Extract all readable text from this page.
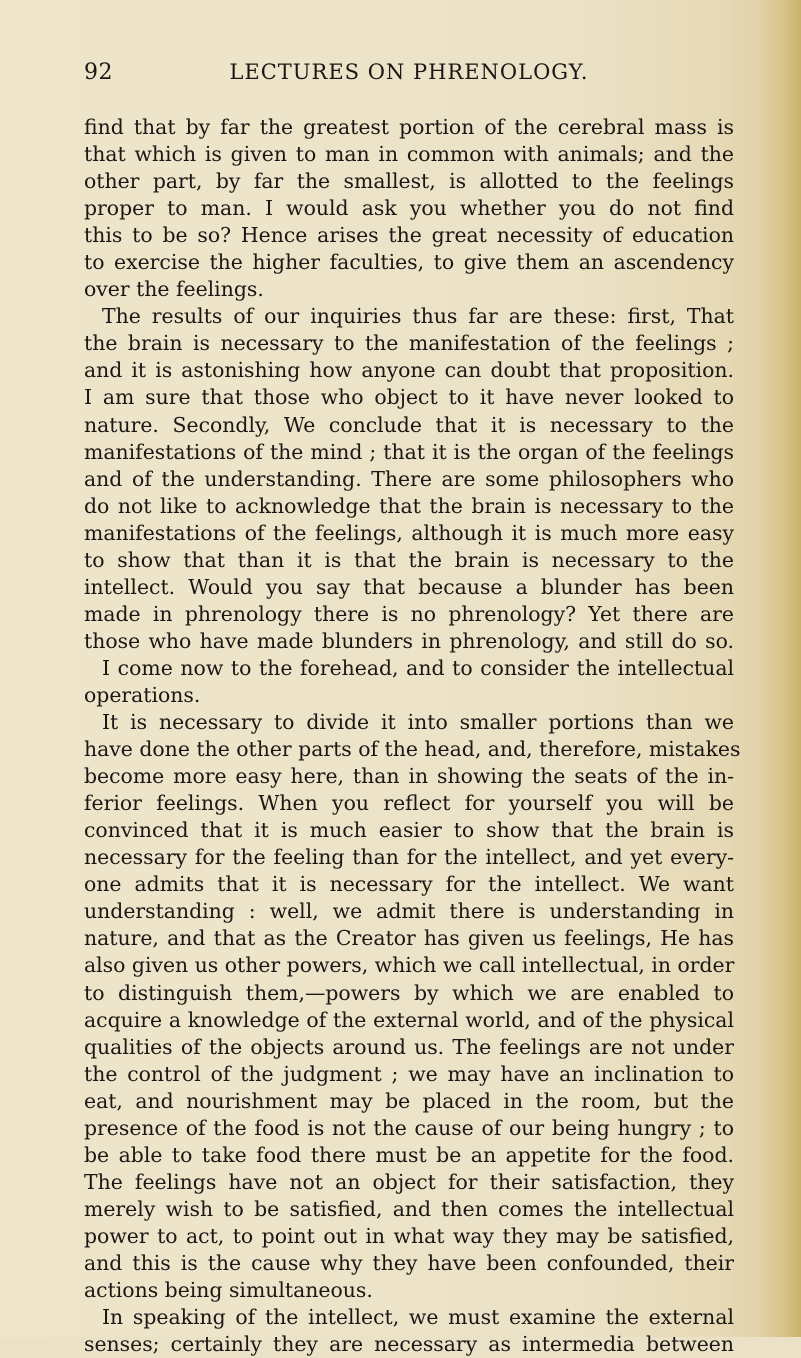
92	LECTURES ON PHRENOLOGY.
find that by far the greatest portion of the cerebral mass is
that which is given to man in common with animals; and the
other part, by far the smallest, is allotted to the feelings
proper to man. I would ask you whether you do not find
this to be so? Hence arises the great necessity of education
to exercise the higher faculties, to give them an ascendency
over the feelings.
The results of our inquiries thus far are these: first, That
the brain is necessary to the manifestation of the feelings ;
and it is astonishing how anyone can doubt that proposition.
I am sure that those who object to it have never looked to
nature. Secondly, We conclude that it is necessary to the
manifestations of the mind ; that it is the organ of the feelings
and of the understanding. There are some philosophers who
do not like to acknowledge that the brain is necessary to the
manifestations of the feelings, although it is much more easy
to show that than it is that the brain is necessary to the
intellect. Would you say that because a blunder has been
made in phrenology there is no phrenology? Yet there are
those who have made blunders in phrenology, and still do so.
I come now to the forehead, and to consider the intellectual
operations.
It is necessary to divide it into smaller portions than we
have done the other parts of the head, and, therefore, mistakes
become more easy here, than in showing the seats of the in-
ferior feelings. When you reflect for yourself you will be
convinced that it is much easier to show that the brain is
necessary for the feeling than for the intellect, and yet every-
one admits that it is necessary for the intellect. We want
understanding : well, we admit there is understanding in
nature, and that as the Creator has given us feelings, He has
also given us other powers, which we call intellectual, in order
to distinguish them,—powers by which we are enabled to
acquire a knowledge of the external world, and of the physical
qualities of the objects around us. The feelings are not under
the control of the judgment ; we may have an inclination to
eat, and nourishment may be placed in the room, but the
presence of the food is not the cause of our being hungry ; to
be able to take food there must be an appetite for the food.
The feelings have not an object for their satisfaction, they
merely wish to be satisfied, and then comes the intellectual
power to act, to point out in what way they may be satisfied,
and this is the cause why they have been confounded, their
actions being simultaneous.
In speaking of the intellect, we must examine the external
senses; certainly they are necessary as intermedia between
